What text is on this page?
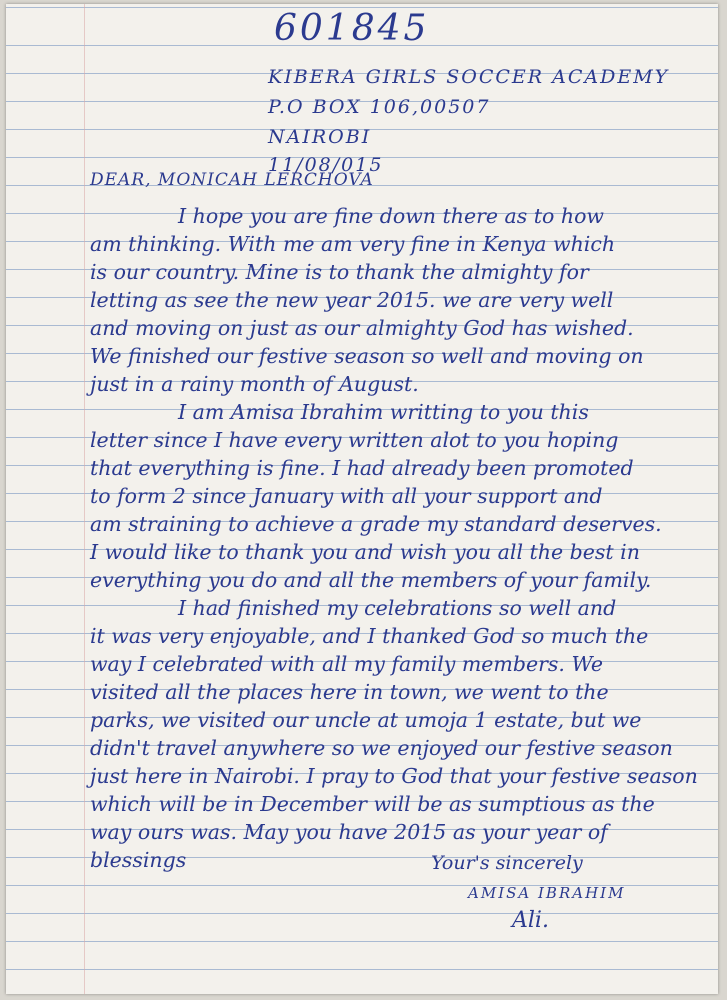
601845
KIBERA GIRLS SOCCER ACADEMY
P.O BOX 106,00507
NAIROBI
11/08/015
DEAR, MONICAH LERCHOVA
I hope you are fine down there as to how
am thinking. With me am very fine in Kenya which
is our country. Mine is to thank the almighty for
letting as see the new year 2015. we are very well
and moving on just as our almighty God has wished.
We finished our festive season so well and moving on
just in a rainy month of August.
I am Amisa Ibrahim writting to you this
letter since I have every written alot to you hoping
that everything is fine. I had already been promoted
to form 2 since January with all your support and
am straining to achieve a grade my standard deserves.
I would like to thank you and wish you all the best in
everything you do and all the members of your family.
I had finished my celebrations so well and
it was very enjoyable, and I thanked God so much the
way I celebrated with all my family members. We
visited all the places here in town, we went to the
parks, we visited our uncle at umoja 1 estate, but we
didn't travel anywhere so we enjoyed our festive season
just here in Nairobi. I pray to God that your festive season
which will be in December will be as sumptious as the
way ours was. May you have 2015 as your year of
blessings	Your's sincerely
AMISA IBRAHIM
Ali.
